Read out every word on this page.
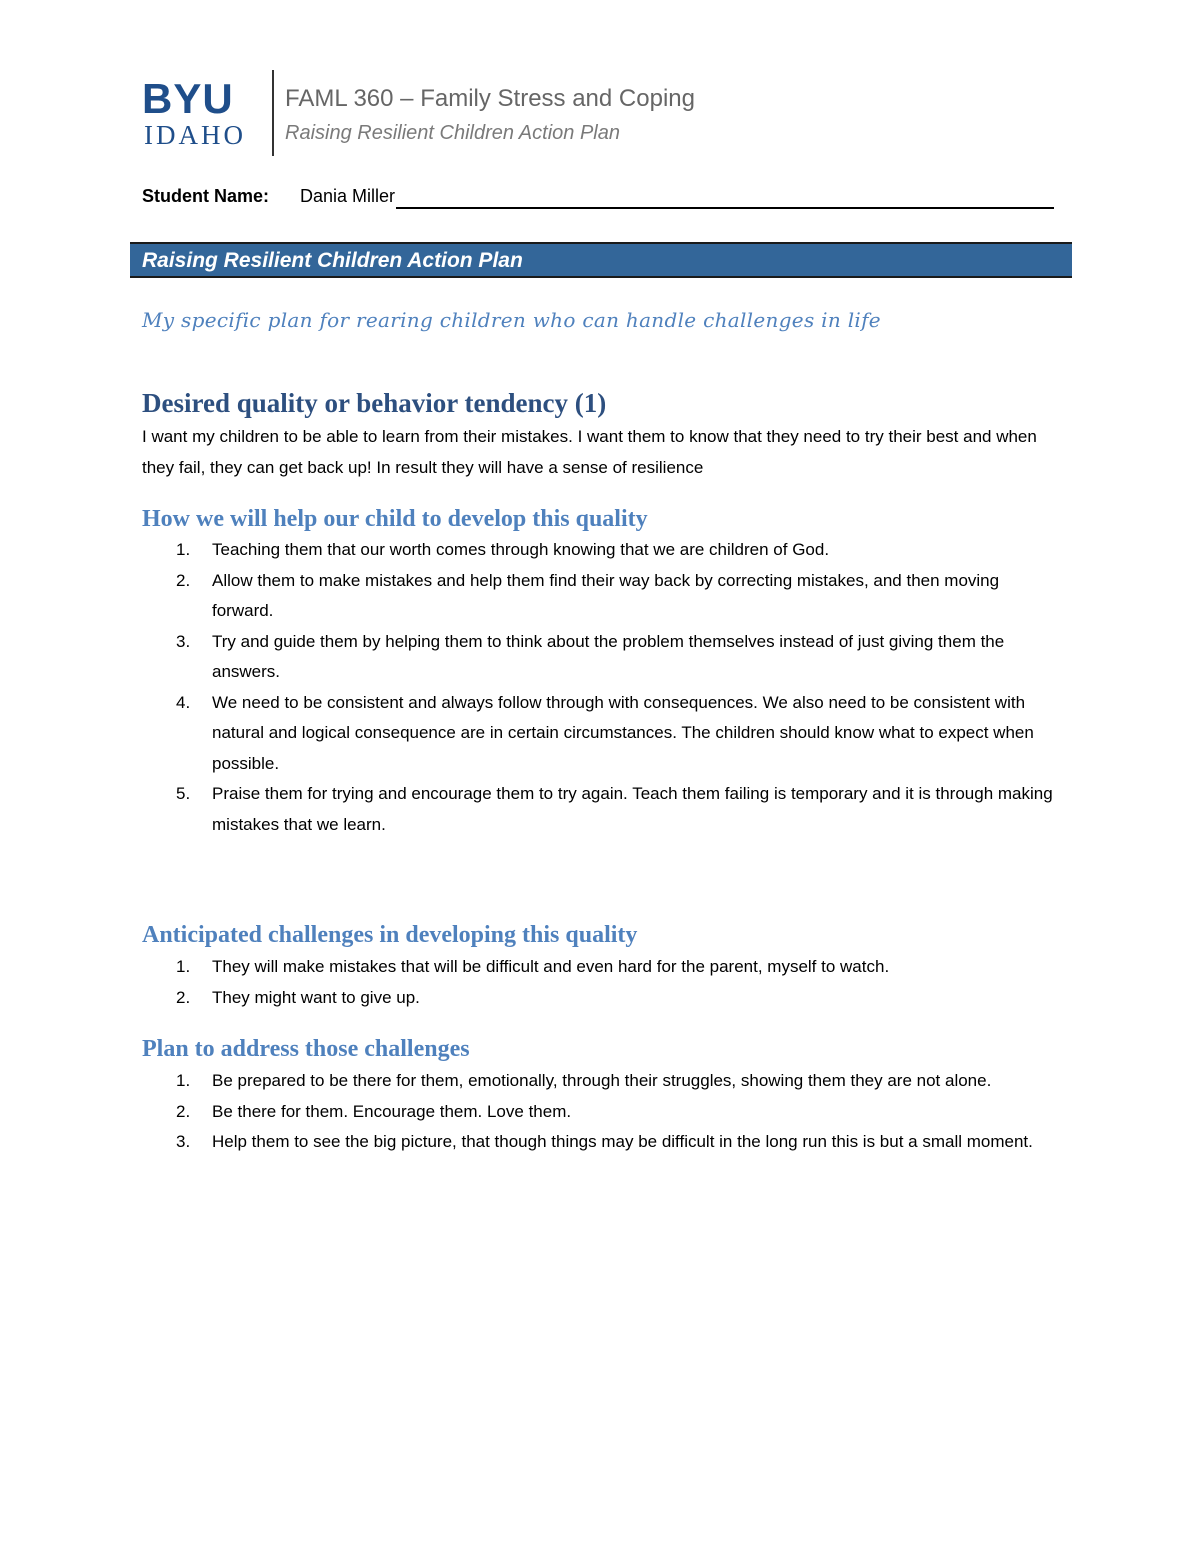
BYU
IDAHO
FAML 360 – Family Stress and Coping
Raising Resilient Children Action Plan
Student Name: Dania Miller
Raising Resilient Children Action Plan
My specific plan for rearing children who can handle challenges in life
Desired quality or behavior tendency (1)

I want my children to be able to learn from their mistakes. I want them to know that they need to try their best and when they fail, they can get back up! In result they will have a sense of resilience

How we will help our child to develop this quality
1. Teaching them that our worth comes through knowing that we are children of God.
2. Allow them to make mistakes and help them find their way back by correcting mistakes, and then moving forward.
3. Try and guide them by helping them to think about the problem themselves instead of just giving them the answers.
4. We need to be consistent and always follow through with consequences. We also need to be consistent with natural and logical consequence are in certain circumstances. The children should know what to expect when possible.
5. Praise them for trying and encourage them to try again. Teach them failing is temporary and it is through making mistakes that we learn.
Anticipated challenges in developing this quality
1. They will make mistakes that will be difficult and even hard for the parent, myself to watch.
2. They might want to give up.
Plan to address those challenges
1. Be prepared to be there for them, emotionally, through their struggles, showing them they are not alone.
2. Be there for them. Encourage them. Love them.
3. Help them to see the big picture, that though things may be difficult in the long run this is but a small moment.
